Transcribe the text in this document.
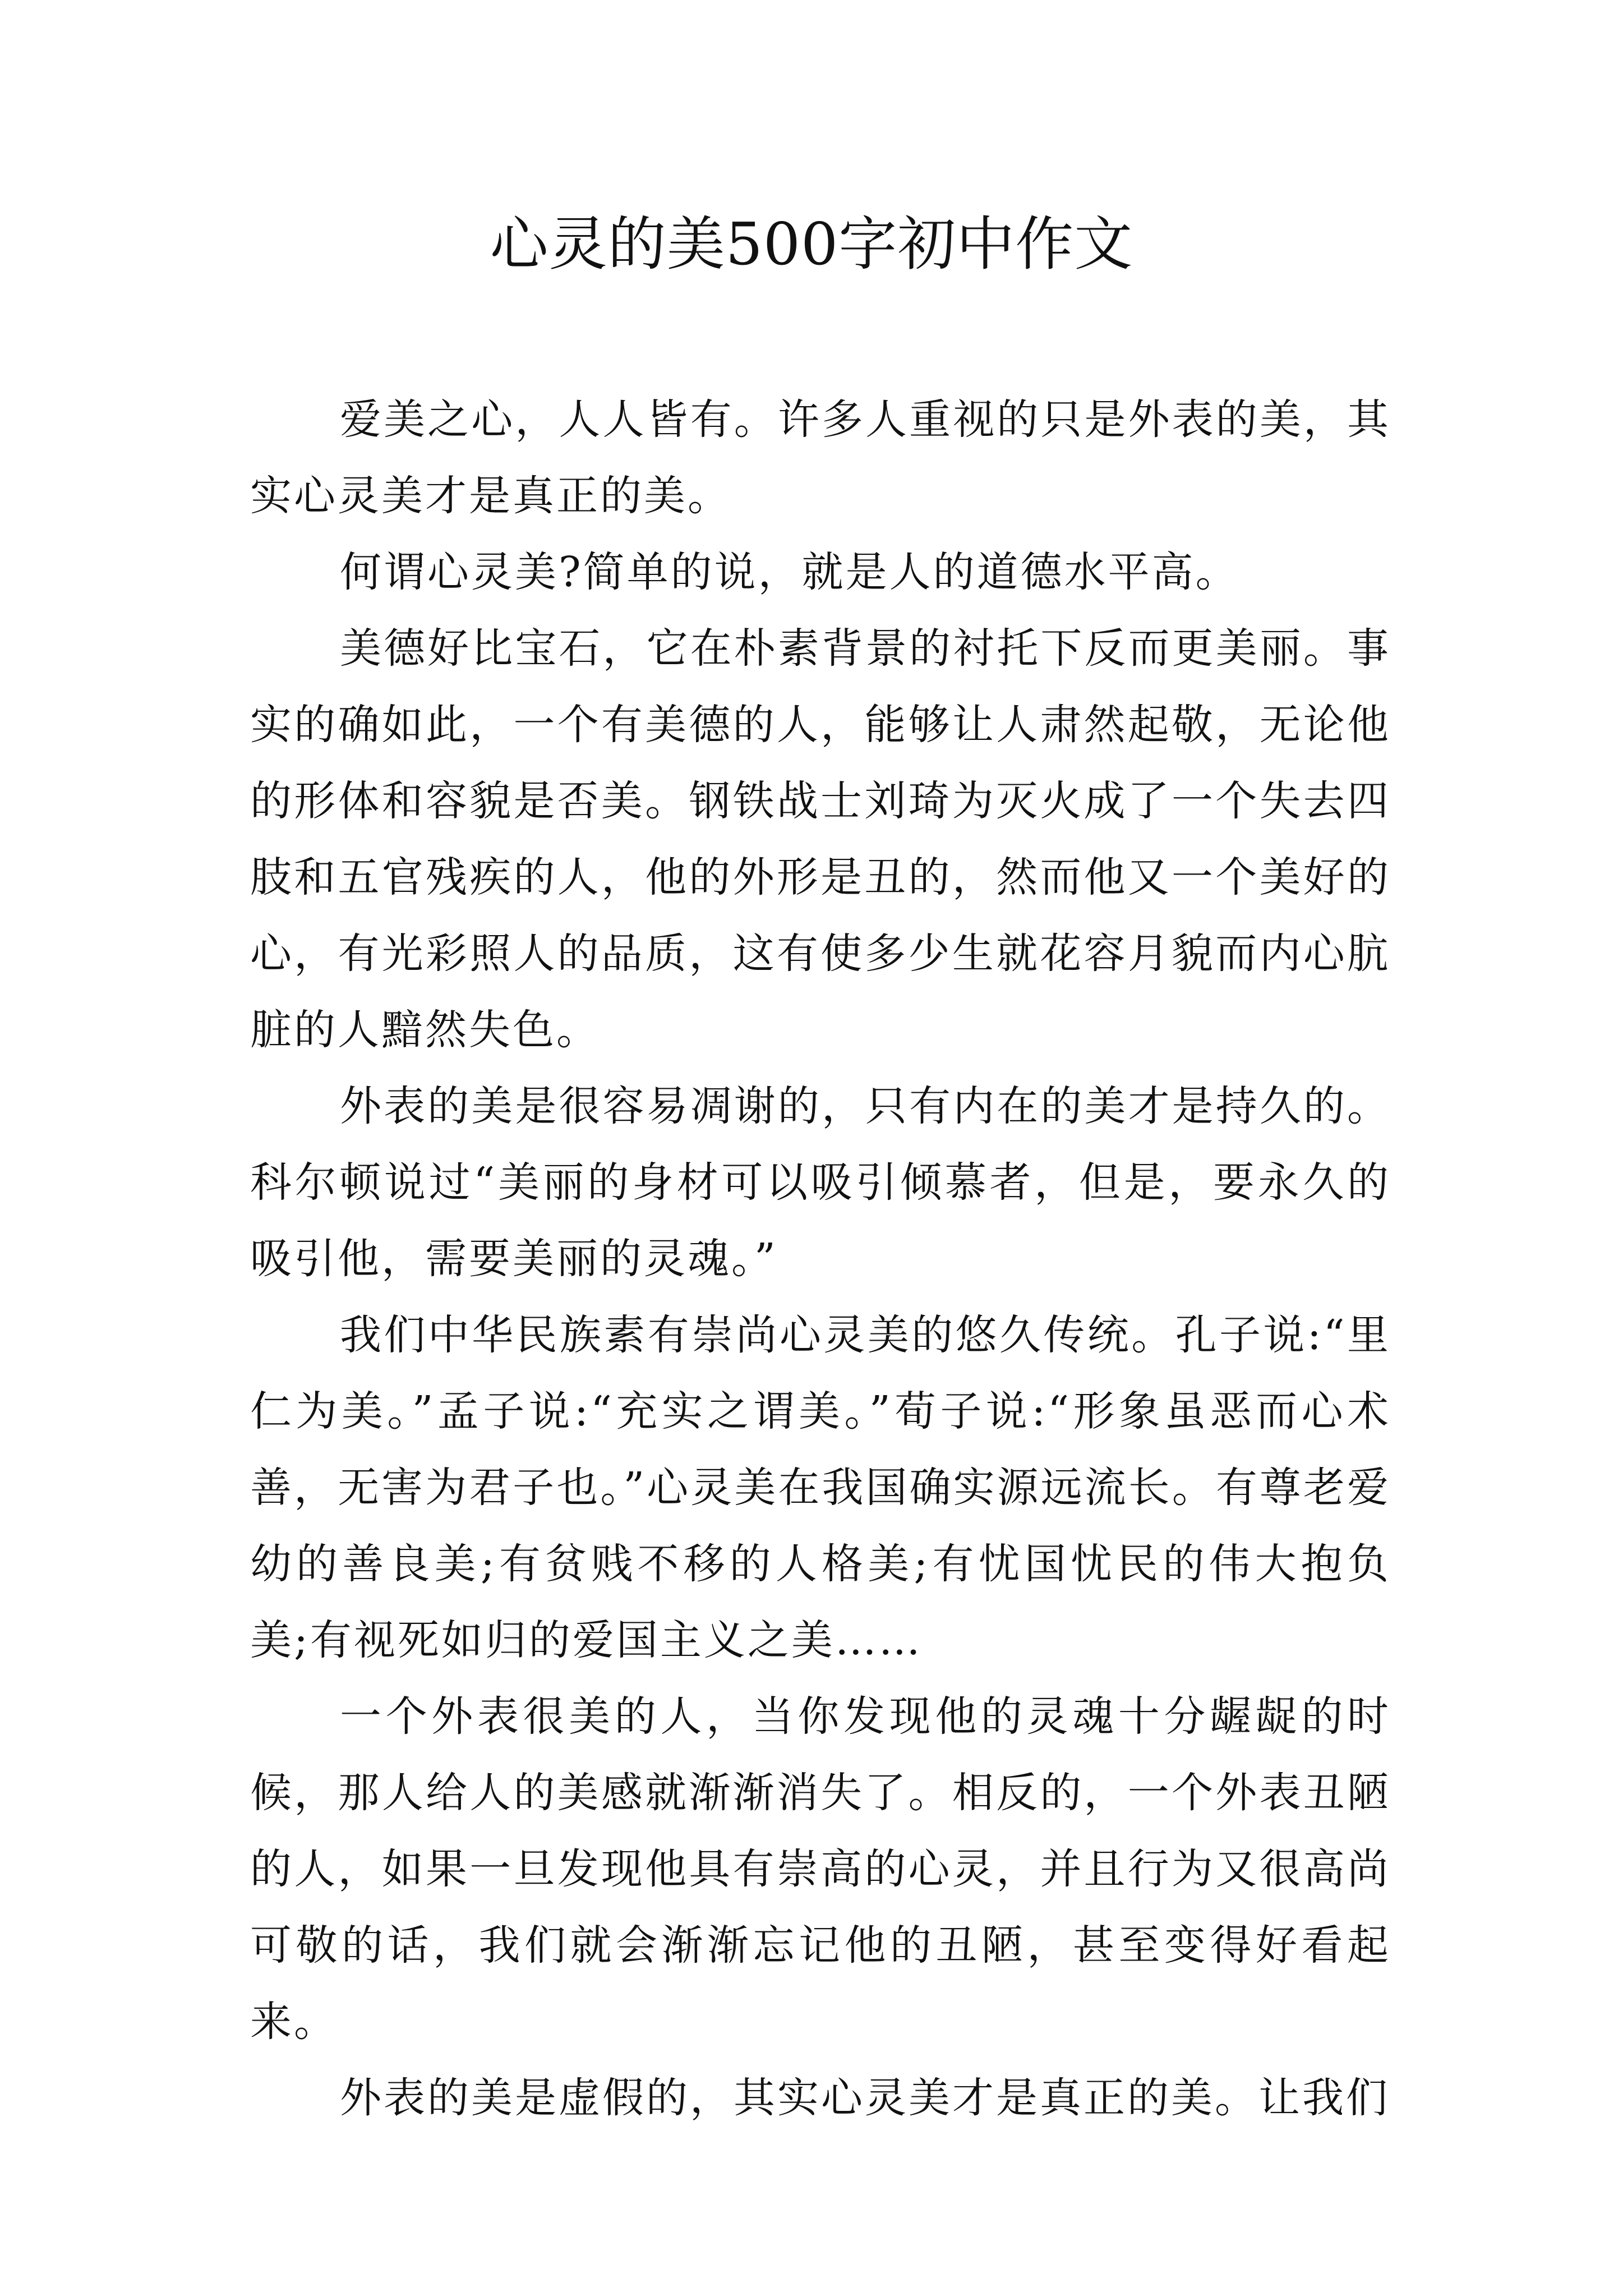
心灵的美500字初中作文

爱美之心，人人皆有。许多人重视的只是外表的美，其实心灵美才是真正的美。

何谓心灵美?简单的说，就是人的道德水平高。

美德好比宝石，它在朴素背景的衬托下反而更美丽。事实的确如此，一个有美德的人，能够让人肃然起敬，无论他的形体和容貌是否美。钢铁战士刘琦为灭火成了一个失去四肢和五官残疾的人，他的外形是丑的，然而他又一个美好的心，有光彩照人的品质，这有使多少生就花容月貌而内心肮脏的人黯然失色。

外表的美是很容易凋谢的，只有内在的美才是持久的。科尔顿说过“美丽的身材可以吸引倾慕者，但是，要永久的吸引他，需要美丽的灵魂。”

我们中华民族素有崇尚心灵美的悠久传统。孔子说:“里仁为美。”孟子说:“充实之谓美。”荀子说:“形象虽恶而心术善，无害为君子也。”心灵美在我国确实源远流长。有尊老爱幼的善良美;有贫贱不移的人格美;有忧国忧民的伟大抱负美;有视死如归的爱国主义之美……

一个外表很美的人，当你发现他的灵魂十分龌龊的时候，那人给人的美感就渐渐消失了。相反的，一个外表丑陋的人，如果一旦发现他具有崇高的心灵，并且行为又很高尚可敬的话，我们就会渐渐忘记他的丑陋，甚至变得好看起来。

外表的美是虚假的，其实心灵美才是真正的美。让我们
